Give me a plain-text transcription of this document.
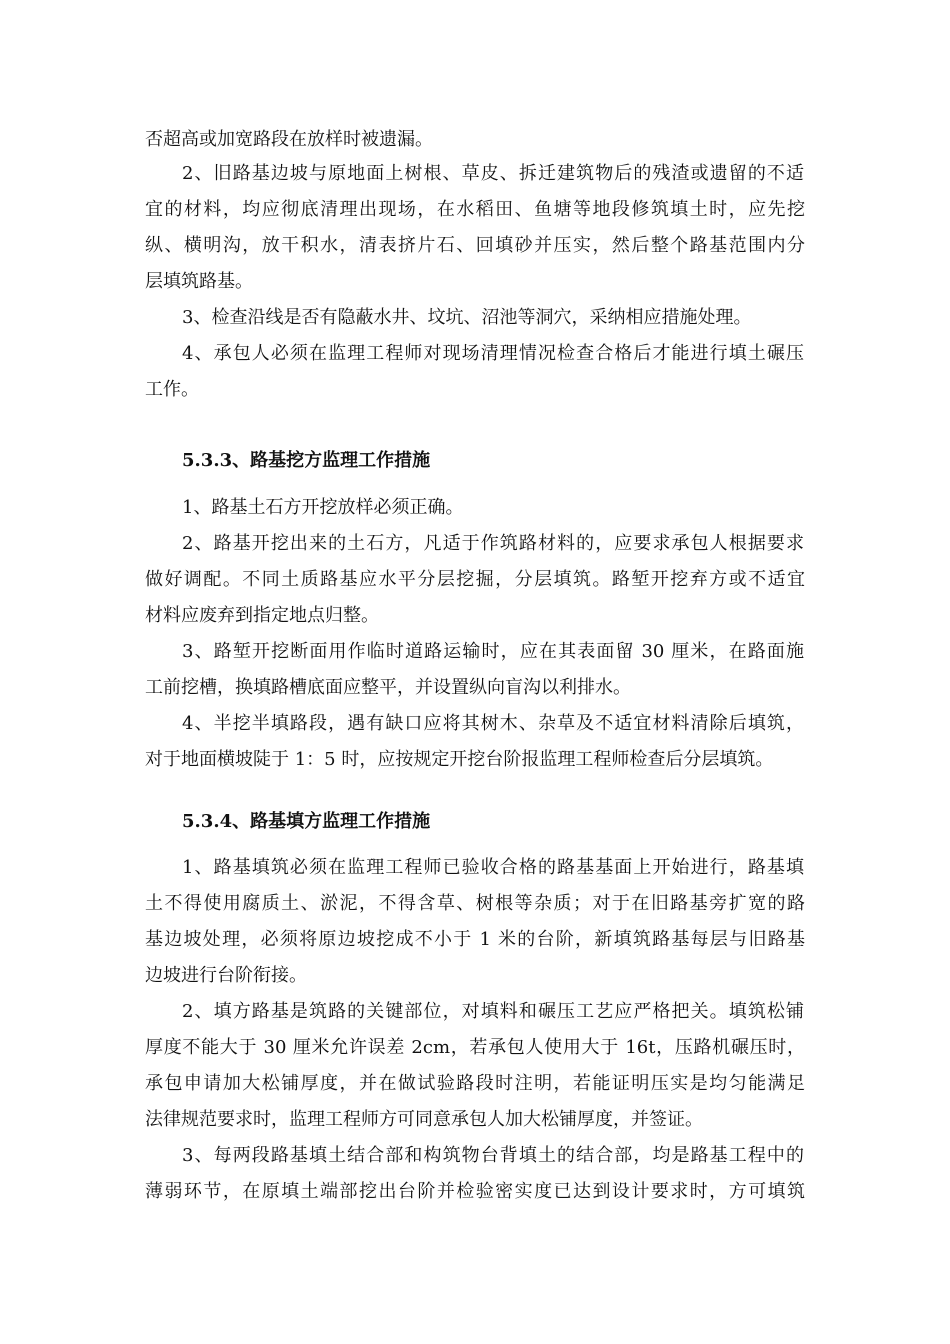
否超高或加宽路段在放样时被遗漏。
2、旧路基边坡与原地面上树根、草皮、拆迁建筑物后的残渣或遗留的不适
宜的材料，均应彻底清理出现场，在水稻田、鱼塘等地段修筑填土时，应先挖
纵、横明沟，放干积水，清表挤片石、回填砂并压实，然后整个路基范围内分
层填筑路基。
3、检查沿线是否有隐蔽水井、坟坑、沼池等洞穴，采纳相应措施处理。
4、承包人必须在监理工程师对现场清理情况检查合格后才能进行填土碾压
工作。
5.3.3、路基挖方监理工作措施
1、路基土石方开挖放样必须正确。
2、路基开挖出来的土石方，凡适于作筑路材料的，应要求承包人根据要求
做好调配。不同土质路基应水平分层挖掘，分层填筑。路堑开挖弃方或不适宜
材料应废弃到指定地点归整。
3、路堑开挖断面用作临时道路运输时，应在其表面留 30 厘米，在路面施
工前挖槽，换填路槽底面应整平，并设置纵向盲沟以利排水。
4、半挖半填路段，遇有缺口应将其树木、杂草及不适宜材料清除后填筑，
对于地面横坡陡于 1：5 时，应按规定开挖台阶报监理工程师检查后分层填筑。
5.3.4、路基填方监理工作措施
1、路基填筑必须在监理工程师已验收合格的路基基面上开始进行，路基填
土不得使用腐质土、淤泥，不得含草、树根等杂质；对于在旧路基旁扩宽的路
基边坡处理，必须将原边坡挖成不小于 1 米的台阶，新填筑路基每层与旧路基
边坡进行台阶衔接。
2、填方路基是筑路的关键部位，对填料和碾压工艺应严格把关。填筑松铺
厚度不能大于 30 厘米允许误差 2cm，若承包人使用大于 16t，压路机碾压时，
承包申请加大松铺厚度，并在做试验路段时注明，若能证明压实是均匀能满足
法律规范要求时，监理工程师方可同意承包人加大松铺厚度，并签证。
3、每两段路基填土结合部和构筑物台背填土的结合部，均是路基工程中的
薄弱环节，在原填土端部挖出台阶并检验密实度已达到设计要求时，方可填筑
